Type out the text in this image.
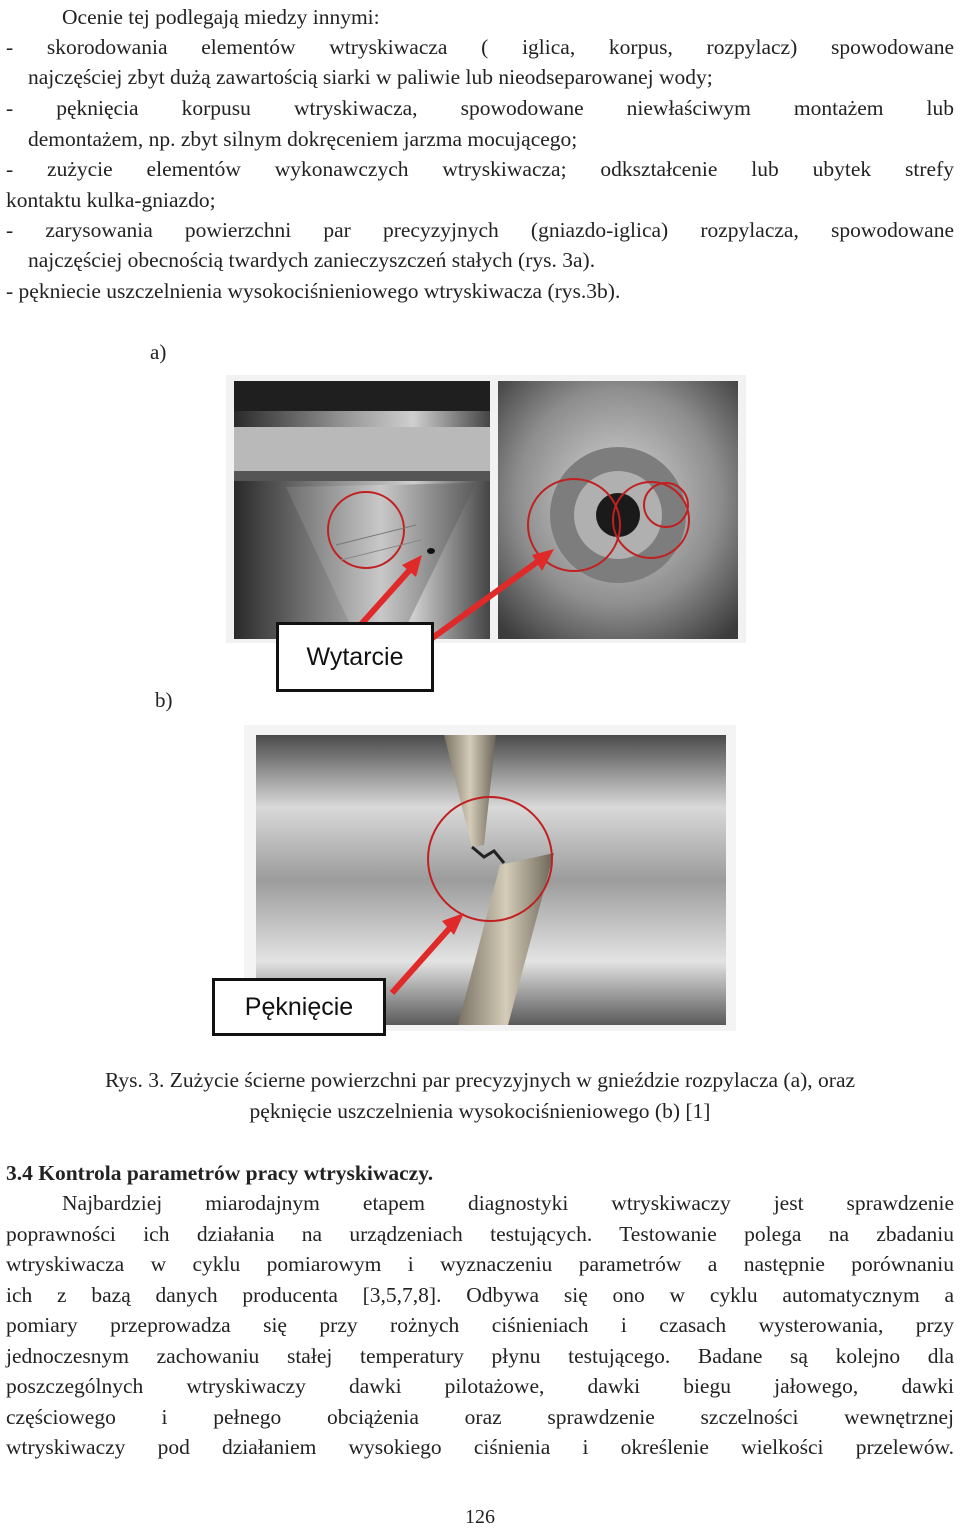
Ocenie tej podlegają miedzy innymi:
- skorodowania elementów wtryskiwacza ( iglica, korpus, rozpylacz) spowodowane
najczęściej zbyt dużą zawartością siarki w paliwie lub nieodseparowanej wody;
- pęknięcia korpusu wtryskiwacza, spowodowane niewłaściwym montażem lub
demontażem, np. zbyt silnym dokręceniem jarzma mocującego;
- zużycie elementów wykonawczych wtryskiwacza; odkształcenie lub ubytek strefy
kontaktu kulka-gniazdo;
- zarysowania powierzchni par precyzyjnych (gniazdo-iglica) rozpylacza, spowodowane
najczęściej obecnością twardych zanieczyszczeń stałych (rys. 3a).
- pękniecie uszczelnienia wysokociśnieniowego wtryskiwacza (rys.3b).
a)
b)
Wytarcie
Pęknięcie
Rys. 3. Zużycie ścierne powierzchni par precyzyjnych w gnieździe rozpylacza (a), oraz
pęknięcie uszczelnienia wysokociśnieniowego (b) [1]
3.4 Kontrola parametrów pracy wtryskiwaczy.
Najbardziej miarodajnym etapem diagnostyki wtryskiwaczy jest sprawdzenie
poprawności ich działania na urządzeniach testujących. Testowanie polega na zbadaniu
wtryskiwacza w cyklu pomiarowym i wyznaczeniu parametrów a następnie porównaniu
ich z bazą danych producenta [3,5,7,8]. Odbywa się ono w cyklu automatycznym a
pomiary przeprowadza się przy rożnych ciśnieniach i czasach wysterowania, przy
jednoczesnym zachowaniu stałej temperatury płynu testującego. Badane są kolejno dla
poszczególnych wtryskiwaczy dawki pilotażowe, dawki biegu jałowego, dawki
częściowego i pełnego obciążenia oraz sprawdzenie szczelności wewnętrznej
wtryskiwaczy pod działaniem wysokiego ciśnienia i określenie wielkości przelewów.
126
